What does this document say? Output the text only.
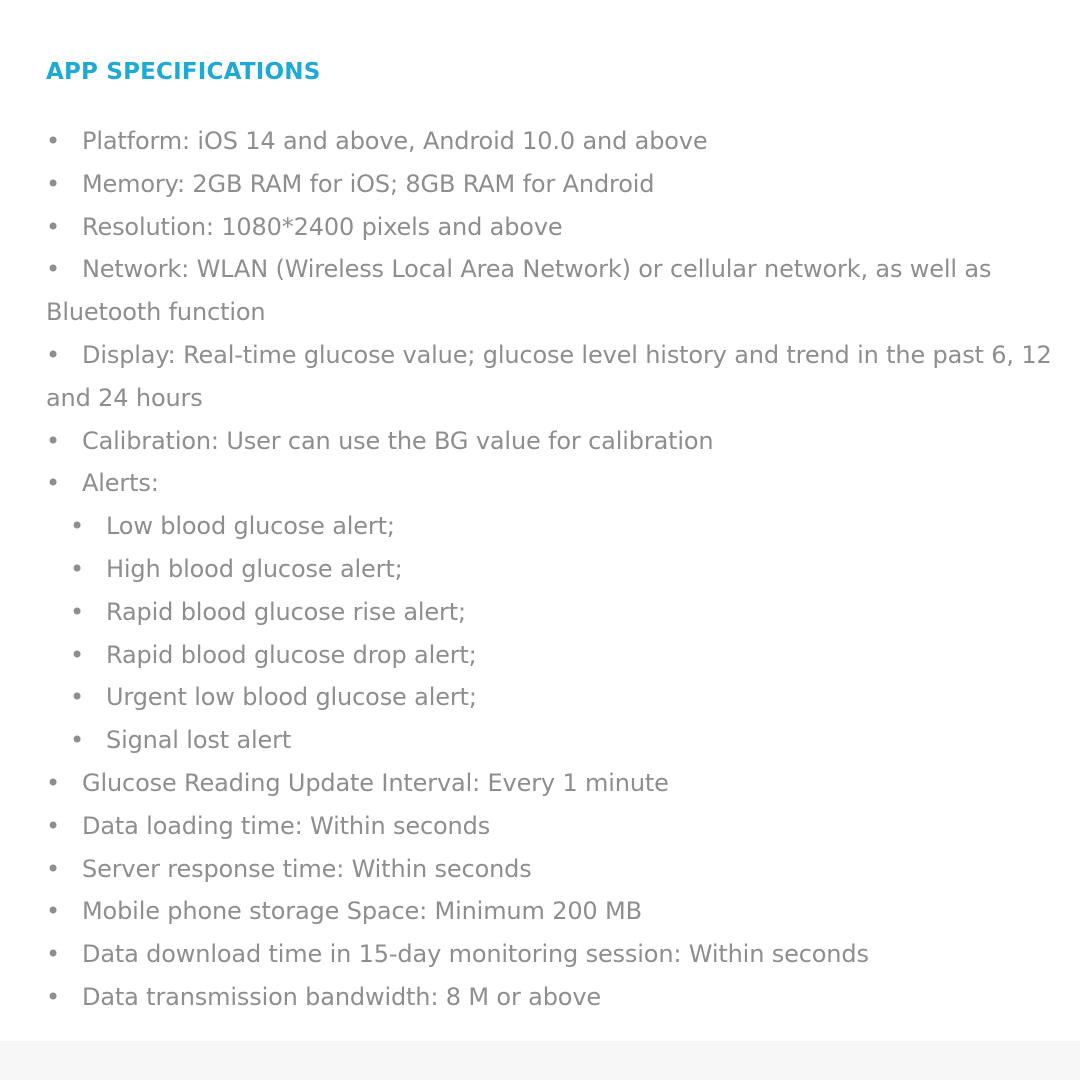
APP SPECIFICATIONS
• Platform: iOS 14 and above, Android 10.0 and above
• Memory: 2GB RAM for iOS; 8GB RAM for Android
• Resolution: 1080*2400 pixels and above
• Network: WLAN (Wireless Local Area Network) or cellular network, as well as Bluetooth function
• Display: Real-time glucose value; glucose level history and trend in the past 6, 12 and 24 hours
• Calibration: User can use the BG value for calibration
• Alerts:
• Low blood glucose alert;
• High blood glucose alert;
• Rapid blood glucose rise alert;
• Rapid blood glucose drop alert;
• Urgent low blood glucose alert;
• Signal lost alert
• Glucose Reading Update Interval: Every 1 minute
• Data loading time: Within seconds
• Server response time: Within seconds
• Mobile phone storage Space: Minimum 200 MB
• Data download time in 15-day monitoring session: Within seconds
• Data transmission bandwidth: 8 M or above
